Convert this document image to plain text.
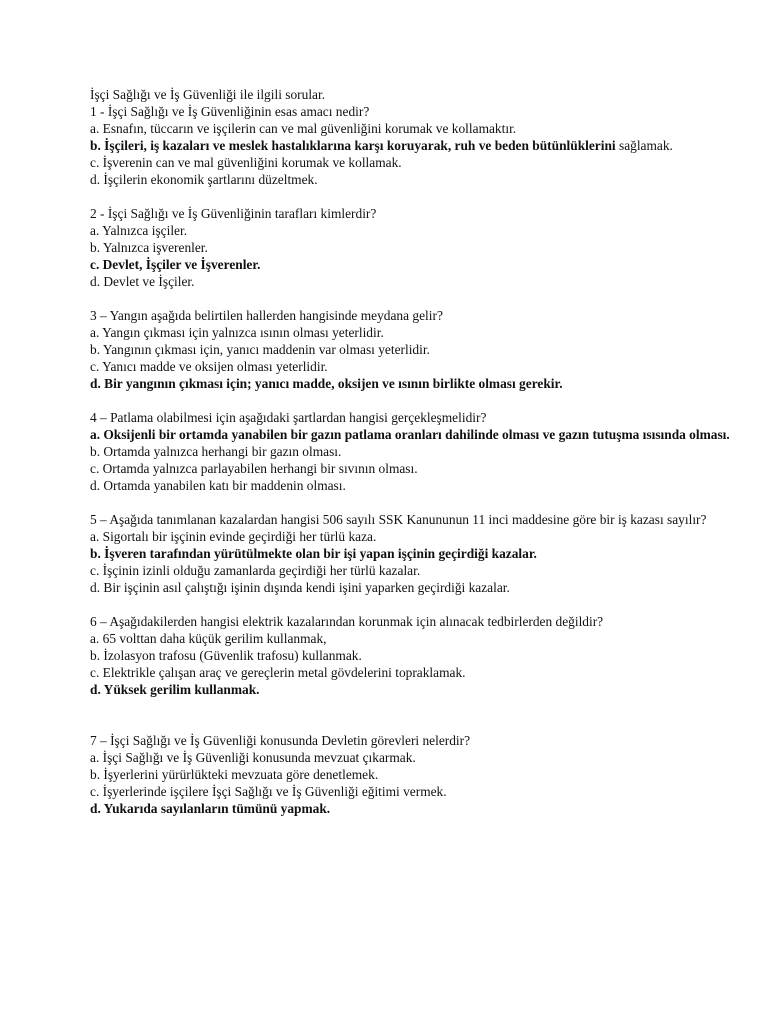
İşçi Sağlığı ve İş Güvenliği ile ilgili sorular.
1 - İşçi Sağlığı ve İş Güvenliğinin esas amacı nedir?
a. Esnafın, tüccarın ve işçilerin can ve mal güvenliğini korumak ve kollamaktır.
b. İşçileri, iş kazaları ve meslek hastalıklarına karşı koruyarak, ruh ve beden bütünlüklerini sağlamak.
c. İşverenin can ve mal güvenliğini korumak ve kollamak.
d. İşçilerin ekonomik şartlarını düzeltmek.
2 - İşçi Sağlığı ve İş Güvenliğinin tarafları kimlerdir?
a. Yalnızca işçiler.
b. Yalnızca işverenler.
c. Devlet, İşçiler ve İşverenler.
d. Devlet ve İşçiler.
3 – Yangın aşağıda belirtilen hallerden hangisinde meydana gelir?
a. Yangın çıkması için yalnızca ısının olması yeterlidir.
b. Yangının çıkması için, yanıcı maddenin var olması yeterlidir.
c. Yanıcı madde ve oksijen olması yeterlidir.
d. Bir yangının çıkması için; yanıcı madde, oksijen ve ısının birlikte olması gerekir.
4 – Patlama olabilmesi için aşağıdaki şartlardan hangisi gerçekleşmelidir?
a. Oksijenli bir ortamda yanabilen bir gazın patlama oranları dahilinde olması ve gazın tutuşma ısısında olması.
b. Ortamda yalnızca herhangi bir gazın olması.
c. Ortamda yalnızca parlayabilen herhangi bir sıvının olması.
d. Ortamda yanabilen katı bir maddenin olması.
5 – Aşağıda tanımlanan kazalardan hangisi 506 sayılı SSK Kanununun 11 inci maddesine göre bir iş kazası sayılır?
a. Sigortalı bir işçinin evinde geçirdiği her türlü kaza.
b. İşveren tarafından yürütülmekte olan bir işi yapan işçinin geçirdiği kazalar.
c. İşçinin izinli olduğu zamanlarda geçirdiği her türlü kazalar.
d. Bir işçinin asıl çalıştığı işinin dışında kendi işini yaparken geçirdiği kazalar.
6 – Aşağıdakilerden hangisi elektrik kazalarından korunmak için alınacak tedbirlerden değildir?
a. 65 volttan daha küçük gerilim kullanmak,
b. İzolasyon trafosu (Güvenlik trafosu) kullanmak.
c. Elektrikle çalışan araç ve gereçlerin metal gövdelerini topraklamak.
d. Yüksek gerilim kullanmak.
7 – İşçi Sağlığı ve İş Güvenliği konusunda Devletin görevleri nelerdir?
a. İşçi Sağlığı ve İş Güvenliği konusunda mevzuat çıkarmak.
b. İşyerlerini yürürlükteki mevzuata göre denetlemek.
c. İşyerlerinde işçilere İşçi Sağlığı ve İş Güvenliği eğitimi vermek.
d. Yukarıda sayılanların tümünü yapmak.
